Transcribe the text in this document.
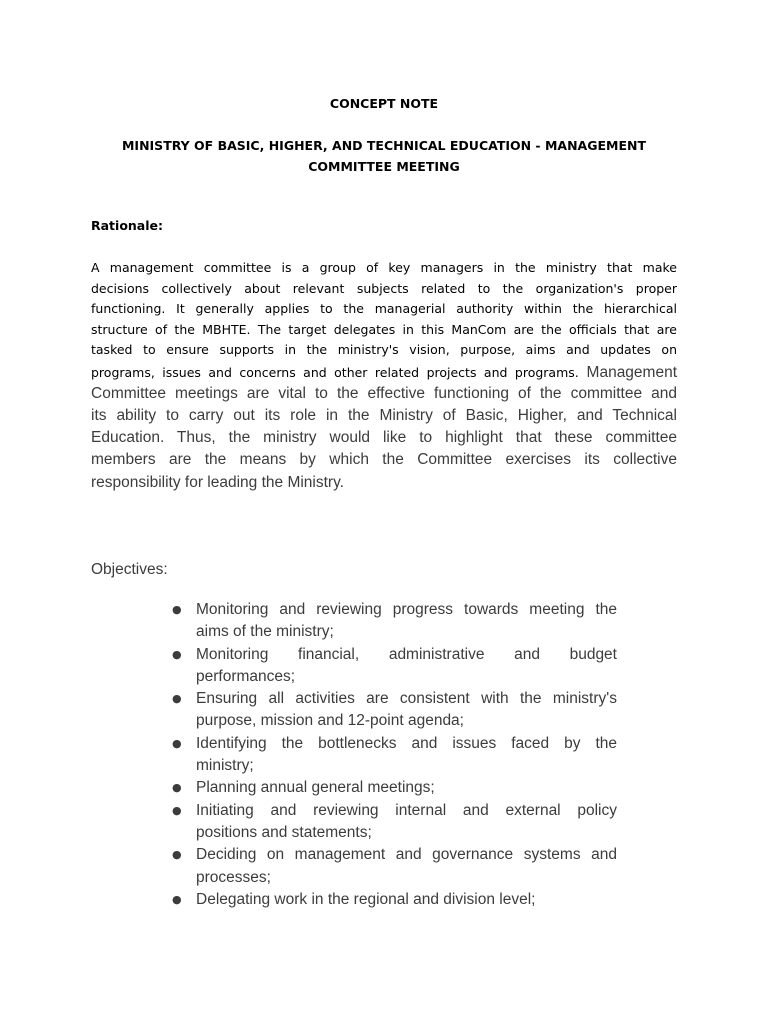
CONCEPT NOTE
MINISTRY OF BASIC, HIGHER, AND TECHNICAL EDUCATION - MANAGEMENT
COMMITTEE MEETING
Rationale:
A management committee is a group of key managers in the ministry that make
decisions collectively about relevant subjects related to the organization's proper
functioning. It generally applies to the managerial authority within the hierarchical
structure of the MBHTE. The target delegates in this ManCom are the officials that are
tasked to ensure supports in the ministry's vision, purpose, aims and updates on
programs, issues and concerns and other related projects and programs. Management
Committee meetings are vital to the effective functioning of the committee and
its ability to carry out its role in the Ministry of Basic, Higher, and Technical
Education. Thus, the ministry would like to highlight that these committee
members are the means by which the Committee exercises its collective
responsibility for leading the Ministry.
Objectives:
● Monitoring and reviewing progress towards meeting the
aims of the ministry;
● Monitoring financial, administrative and budget
performances;
● Ensuring all activities are consistent with the ministry's
purpose, mission and 12-point agenda;
● Identifying the bottlenecks and issues faced by the
ministry;
● Planning annual general meetings;
● Initiating and reviewing internal and external policy
positions and statements;
● Deciding on management and governance systems and
processes;
● Delegating work in the regional and division level;
